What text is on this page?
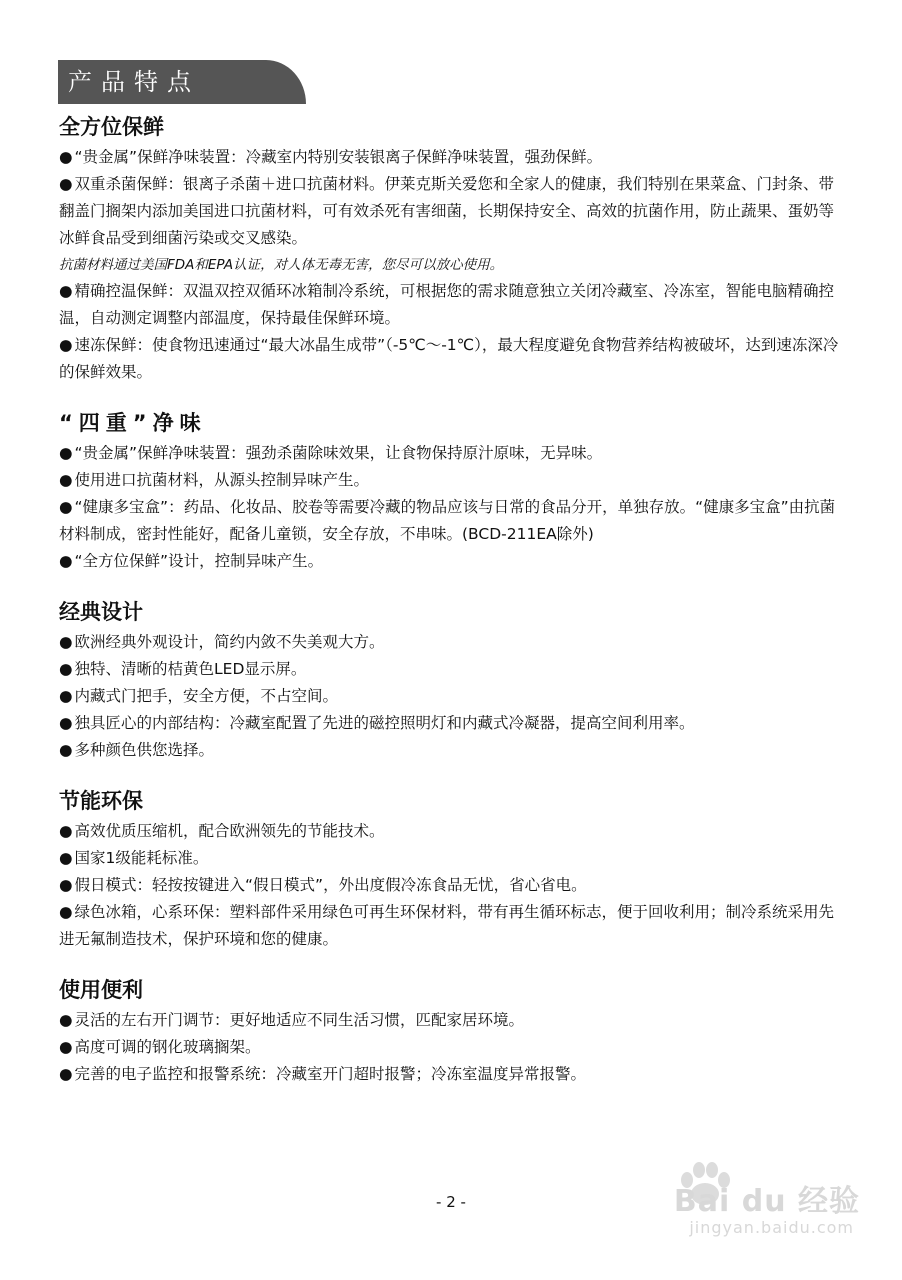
产品特点
全方位保鲜

● “贵金属”保鲜净味装置：冷藏室内特别安装银离子保鲜净味装置，强劲保鲜。

● 双重杀菌保鲜：银离子杀菌＋进口抗菌材料。伊莱克斯关爱您和全家人的健康，我们特别在果菜盒、门封条、带翻盖门搁架内添加美国进口抗菌材料，可有效杀死有害细菌，长期保持安全、高效的抗菌作用，防止蔬果、蛋奶等冰鲜食品受到细菌污染或交叉感染。

抗菌材料通过美国FDA和EPA认证，对人体无毒无害，您尽可以放心使用。

● 精确控温保鲜：双温双控双循环冰箱制冷系统，可根据您的需求随意独立关闭冷藏室、冷冻室，智能电脑精确控温，自动测定调整内部温度，保持最佳保鲜环境。

● 速冻保鲜：使食物迅速通过“最大冰晶生成带”（-5℃～-1℃），最大程度避免食物营养结构被破坏，达到速冻深冷的保鲜效果。

“四重”净味

● “贵金属”保鲜净味装置：强劲杀菌除味效果，让食物保持原汁原味，无异味。

● 使用进口抗菌材料，从源头控制异味产生。

● “健康多宝盒”：药品、化妆品、胶卷等需要冷藏的物品应该与日常的食品分开，单独存放。“健康多宝盒”由抗菌材料制成，密封性能好，配备儿童锁，安全存放，不串味。(BCD-211EA除外)

● “全方位保鲜”设计，控制异味产生。

经典设计

● 欧洲经典外观设计，简约内敛不失美观大方。

● 独特、清晰的桔黄色LED显示屏。

● 内藏式门把手，安全方便，不占空间。

● 独具匠心的内部结构：冷藏室配置了先进的磁控照明灯和内藏式冷凝器，提高空间利用率。

● 多种颜色供您选择。

节能环保

● 高效优质压缩机，配合欧洲领先的节能技术。

● 国家1级能耗标准。

● 假日模式：轻按按键进入“假日模式”，外出度假冷冻食品无忧，省心省电。

● 绿色冰箱，心系环保：塑料部件采用绿色可再生环保材料，带有再生循环标志，便于回收利用；制冷系统采用先进无氟制造技术，保护环境和您的健康。

使用便利

● 灵活的左右开门调节：更好地适应不同生活习惯，匹配家居环境。

● 高度可调的钢化玻璃搁架。

● 完善的电子监控和报警系统：冷藏室开门超时报警；冷冻室温度异常报警。

- 2 -	Bai du 经验
jingyan.baidu.com
